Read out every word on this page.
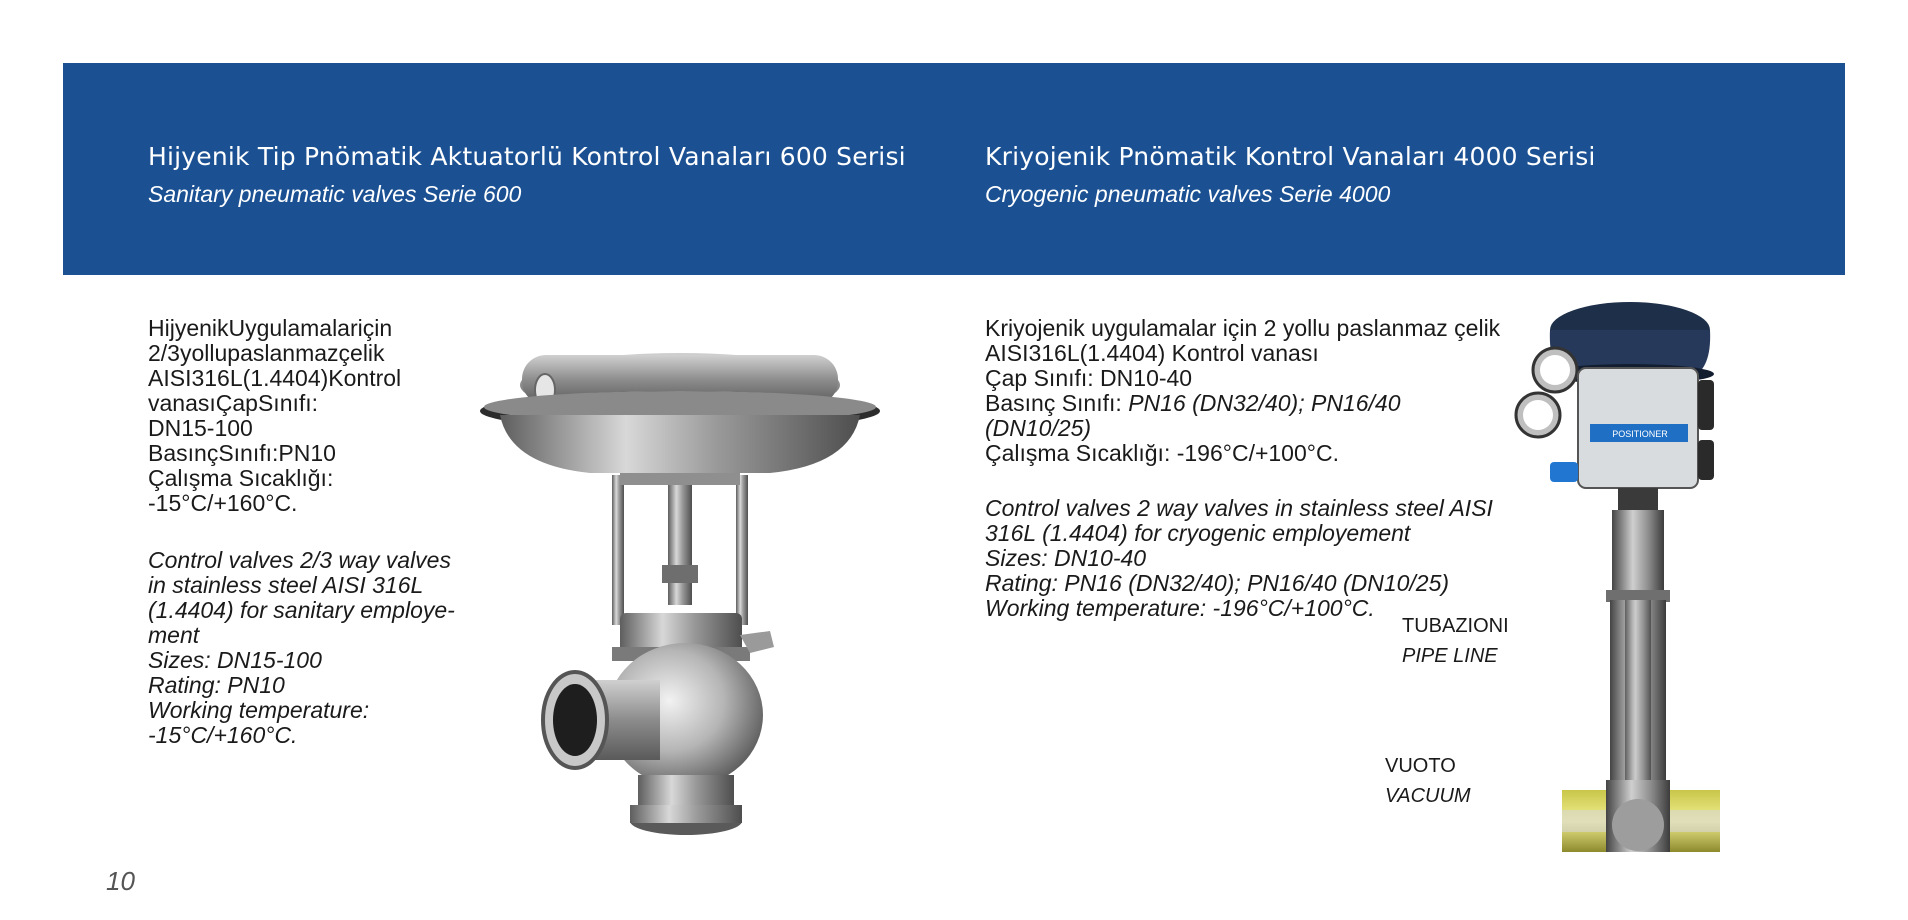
Hijyenik Tip Pnömatik Aktuatorlü Kontrol Vanaları 600 Serisi
Sanitary pneumatic valves Serie 600
Kriyojenik Pnömatik Kontrol Vanaları 4000 Serisi
Cryogenic pneumatic valves Serie 4000
HijyenikUygulamalariçin
2/3yollupaslanmazçelik
AISI316L(1.4404)Kontrol
vanasıÇapSınıfı:
DN15-100
BasınçSınıfı:PN10
Çalışma Sıcaklığı:
-15°C/+160°C.
Control valves 2/3 way valves
in stainless steel AISI 316L
(1.4404) for sanitary employe-
ment
Sizes: DN15-100
Rating: PN10
Working temperature:
-15°C/+160°C.
Kriyojenik uygulamalar için 2 yollu paslanmaz çelik
AISI316L(1.4404) Kontrol vanası
Çap Sınıfı: DN10-40
Basınç Sınıfı: PN16 (DN32/40); PN16/40
(DN10/25)
Çalışma Sıcaklığı: -196°C/+100°C.
Control valves 2 way valves in stainless steel AISI
316L (1.4404) for cryogenic employement
Sizes: DN10-40
Rating: PN16 (DN32/40); PN16/40 (DN10/25)
Working temperature: -196°C/+100°C.
TUBAZIONI
PIPE LINE
VUOTO
VACUUM
POSITIONER
10
